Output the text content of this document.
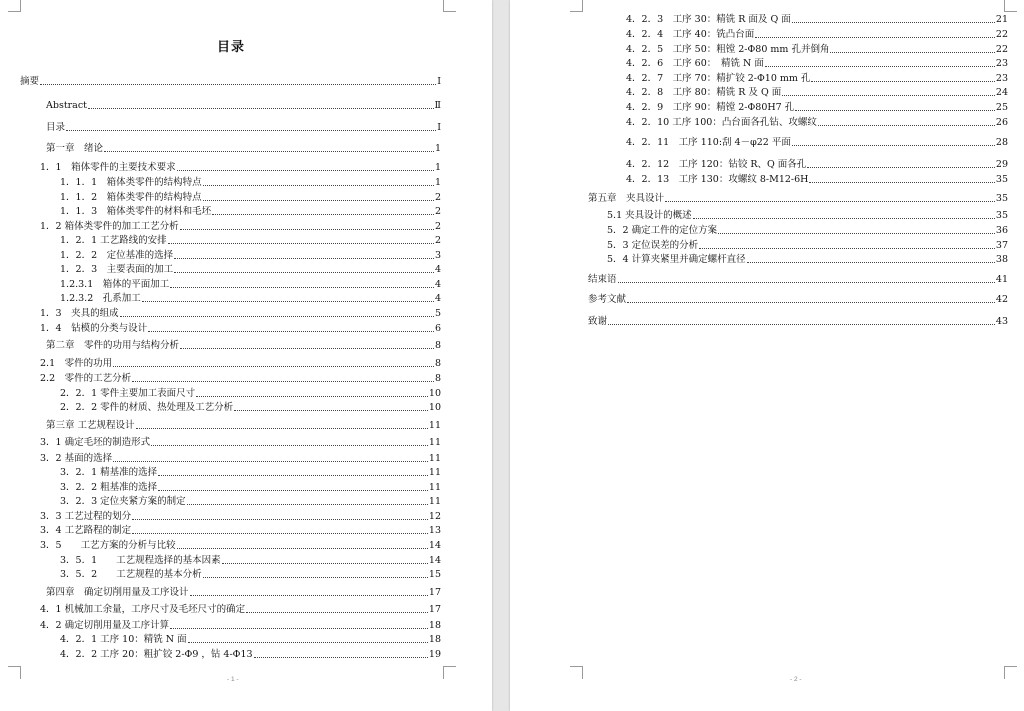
目录
摘要	Ⅰ
Abstract	Ⅱ
目录	Ⅰ
第一章　绪论	1
1．1　箱体零件的主要技术要求	1
1．1．1　箱体类零件的结构特点	1
1．1．2　箱体类零件的结构特点	2
1．1．3　箱体类零件的材料和毛坯	2
1．2 箱体类零件的加工工艺分析	2
1．2．1 工艺路线的安排	2
1．2．2　定位基准的选择	3
1．2．3　主要表面的加工	4
1.2.3.1　箱体的平面加工	4
1.2.3.2　孔系加工	4
1．3　夹具的组成	5
1．4　钻模的分类与设计	6
第二章　零件的功用与结构分析	8
2.1　零件的功用	8
2.2　零件的工艺分析	8
2．2．1 零件主要加工表面尺寸	10
2．2．2 零件的材质、热处理及工艺分析	10
第三章 工艺规程设计	11
3．1 确定毛坯的制造形式	11
3．2 基面的选择	11
3．2．1 精基准的选择	11
3．2．2 粗基准的选择	11
3．2．3 定位夹紧方案的制定	11
3．3 工艺过程的划分	12
3．4 工艺路程的制定	13
3．5　　工艺方案的分析与比较	14
3．5．1　　工艺规程选择的基本因素	14
3．5．2　　工艺规程的基本分析	15
第四章　确定切削用量及工序设计	17
4．1 机械加工余量，工序尺寸及毛坯尺寸的确定	17
4．2 确定切削用量及工序计算	18
4．2．1 工序 10：精铣 N 面	18
4．2．2 工序 20：粗扩铰 2-Φ9 ，钻 4-Φ13	19
- 1 -
4．2．3　工序 30：精铣 R 面及 Q 面	21
4．2．4　工序 40：铣凸台面	22
4．2．5　工序 50：粗镗 2-Φ80 mm 孔并倒角	22
4．2．6　工序 60：　精铣 N 面	23
4．2．7　工序 70：精扩铰 2-Φ10 mm 孔	23
4．2．8　工序 80：精铣 R 及 Q 面	24
4．2．9　工序 90：精镗 2-Φ80H7 孔	25
4．2．10 工序 100：凸台面各孔钻、攻螺纹	26
4．2．11　工序 110:刮 4－φ22 平面	28
4．2．12　工序 120：钻铰 R、Q 面各孔	29
4．2．13　工序 130：攻螺纹 8-M12-6H	35
第五章　夹具设计	35
5.1 夹具设计的概述	35
5．2 确定工件的定位方案	36
5．3 定位误差的分析	37
5．4 计算夹紧里并确定螺杆直径	38
结束语	41
参考文献	42
致谢	43
- 2 -
